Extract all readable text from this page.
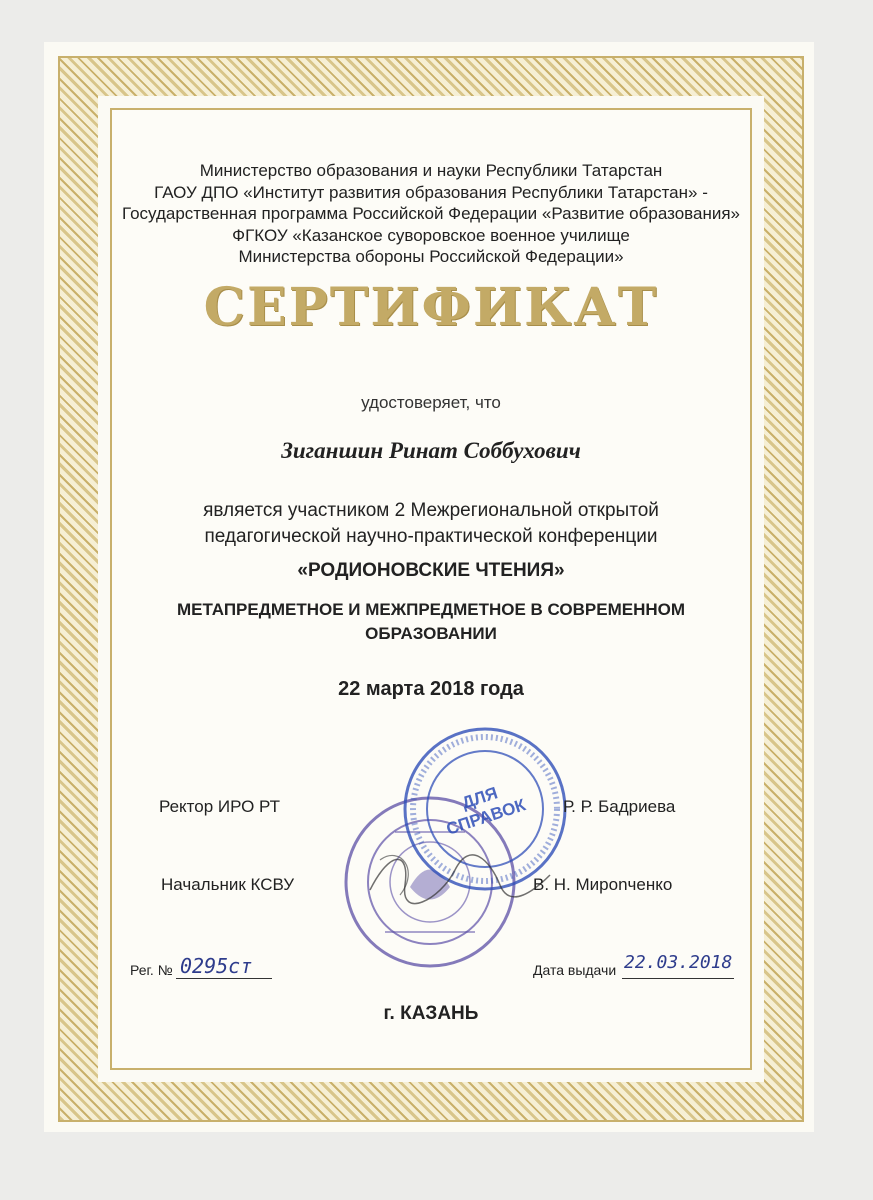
Министерство образования и науки Республики Татарстан
ГАОУ ДПО «Институт развития образования Республики Татарстан» -
Государственная программа Российской Федерации «Развитие образования»
ФГКОУ «Казанское суворовское военное училище
Министерства обороны Российской Федерации»
СЕРТИФИКАТ
удостоверяет, что
Зиганшин Ринат Соббухович
является участником 2 Межрегиональной открытой
педагогической научно-практической конференции
«РОДИОНОВСКИЕ ЧТЕНИЯ»
МЕТАПРЕДМЕТНОЕ И МЕЖПРЕДМЕТНОЕ В СОВРЕМЕННОМ
ОБРАЗОВАНИИ
22 марта 2018 года
ДЛЯ СПРАВОК
Ректор ИРО РТ	Р. Р. Бадриева
Начальник КСВУ	В. Н. Мирonченко
Рег. № 0295ст	Дата выдачи 22.03.2018
г. КАЗАНЬ
